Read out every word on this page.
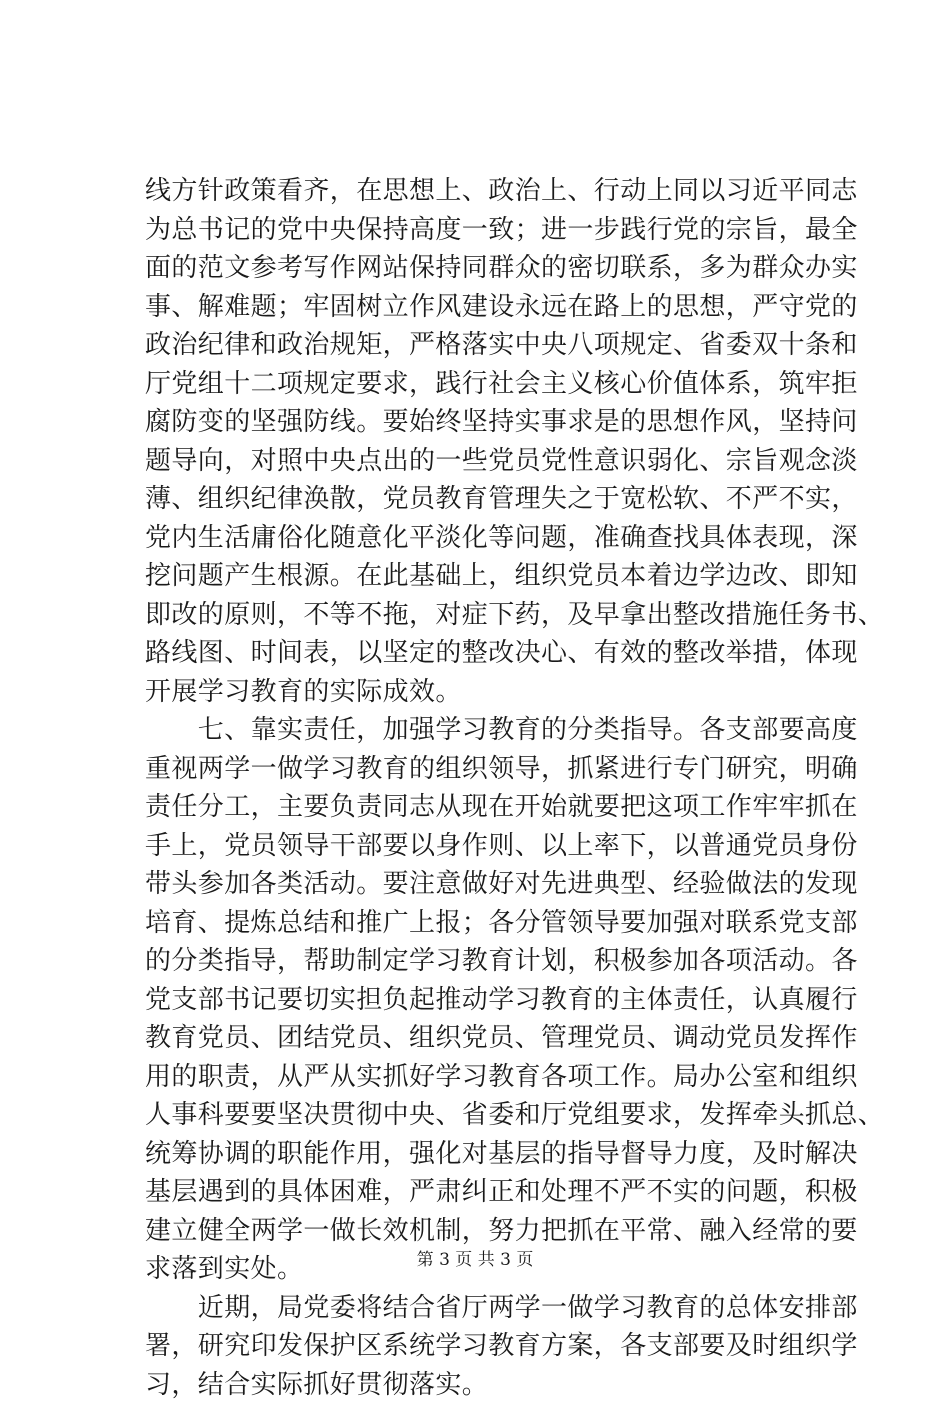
线方针政策看齐，在思想上、政治上、行动上同以习近平同志
为总书记的党中央保持高度一致；进一步践行党的宗旨，最全
面的范文参考写作网站保持同群众的密切联系，多为群众办实
事、解难题；牢固树立作风建设永远在路上的思想，严守党的
政治纪律和政治规矩，严格落实中央八项规定、省委双十条和
厅党组十二项规定要求，践行社会主义核心价值体系，筑牢拒
腐防变的坚强防线。要始终坚持实事求是的思想作风，坚持问
题导向，对照中央点出的一些党员党性意识弱化、宗旨观念淡
薄、组织纪律涣散，党员教育管理失之于宽松软、不严不实，
党内生活庸俗化随意化平淡化等问题，准确查找具体表现，深
挖问题产生根源。在此基础上，组织党员本着边学边改、即知
即改的原则，不等不拖，对症下药，及早拿出整改措施任务书、
路线图、时间表，以坚定的整改决心、有效的整改举措，体现
开展学习教育的实际成效。
　　七、靠实责任，加强学习教育的分类指导。各支部要高度
重视两学一做学习教育的组织领导，抓紧进行专门研究，明确
责任分工，主要负责同志从现在开始就要把这项工作牢牢抓在
手上，党员领导干部要以身作则、以上率下，以普通党员身份
带头参加各类活动。要注意做好对先进典型、经验做法的发现
培育、提炼总结和推广上报；各分管领导要加强对联系党支部
的分类指导，帮助制定学习教育计划，积极参加各项活动。各
党支部书记要切实担负起推动学习教育的主体责任，认真履行
教育党员、团结党员、组织党员、管理党员、调动党员发挥作
用的职责，从严从实抓好学习教育各项工作。局办公室和组织
人事科要要坚决贯彻中央、省委和厅党组要求，发挥牵头抓总、
统筹协调的职能作用，强化对基层的指导督导力度，及时解决
基层遇到的具体困难，严肃纠正和处理不严不实的问题，积极
建立健全两学一做长效机制，努力把抓在平常、融入经常的要
求落到实处。
　　近期，局党委将结合省厅两学一做学习教育的总体安排部
署，研究印发保护区系统学习教育方案，各支部要及时组织学
习，结合实际抓好贯彻落实。
第 3 页 共 3 页
